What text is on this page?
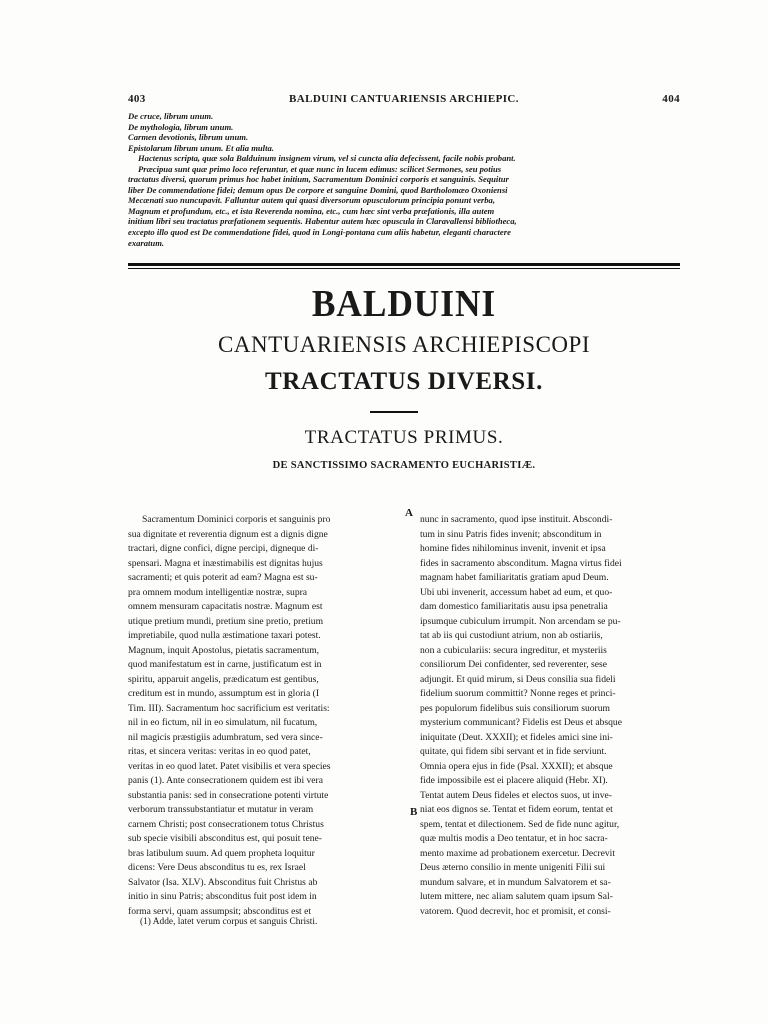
403	BALDUINI CANTUARIENSIS ARCHIEPIC.	404
De cruce, librum unum.
De mythologia, librum unum.
Carmen devotionis, librum unum.
Epistolarum librum unum. Et alia multa.
Hactenus scripta, quæ sola Balduinum insignem virum, vel si cuncta alia defecissent, facile nobis probant.
Præcipua sunt quæ primo loco referuntur, et quæ nunc in lucem edimus: scilicet Sermones, seu potius
tractatus diversi, quorum primus hoc habet initium, Sacramentum Dominici corporis et sanguinis. Sequitur
liber De commendatione fidei; demum opus De corpore et sanguine Domini, quod Bartholomæo Oxoniensi
Mecænati suo nuncupavit. Falluntur autem qui quasi diversorum opusculorum principia ponunt verba,
Magnum et profundum, etc., et ista Reverenda nomina, etc., cum hæc sint verba præfationis, illa autem
initium libri seu tractatus præfationem sequentis. Habentur autem hæc opuscula in Claravallensi bibliotheca,
excepto illo quod est De commendatione fidei, quod in Longi-pontana cum aliis habetur, eleganti charactere
exaratum.
BALDUINI
CANTUARIENSIS ARCHIEPISCOPI
TRACTATUS DIVERSI.
TRACTATUS PRIMUS.
DE SANCTISSIMO SACRAMENTO EUCHARISTIÆ.
A
B
Sacramentum Dominici corporis et sanguinis pro
sua dignitate et reverentia dignum est a dignis digne
tractari, digne confici, digne percipi, digneque di-
spensari. Magna et inæstimabilis est dignitas hujus
sacramenti; et quis poterit ad eam? Magna est su-
pra omnem modum intelligentiæ nostræ, supra
omnem mensuram capacitatis nostræ. Magnum est
utique pretium mundi, pretium sine pretio, pretium
impretiabile, quod nulla æstimatione taxari potest.
Magnum, inquit Apostolus, pietatis sacramentum,
quod manifestatum est in carne, justificatum est in
spiritu, apparuit angelis, prædicatum est gentibus,
creditum est in mundo, assumptum est in gloria (I
Tim. III). Sacramentum hoc sacrificium est veritatis:
nil in eo fictum, nil in eo simulatum, nil fucatum,
nil magicis præstigiis adumbratum, sed vera since-
ritas, et sincera veritas: veritas in eo quod patet,
veritas in eo quod latet. Patet visibilis et vera species
panis (1). Ante consecrationem quidem est ibi vera
substantia panis: sed in consecratione potenti virtute
verborum transsubstantiatur et mutatur in veram
carnem Christi; post consecrationem totus Christus
sub specie visibili absconditus est, qui posuit tene-
bras latibulum suum. Ad quem propheta loquitur
dicens: Vere Deus absconditus tu es, rex Israel
Salvator (Isa. XLV). Absconditus fuit Christus ab
initio in sinu Patris; absconditus fuit post idem in
forma servi, quam assumpsit; absconditus est et
nunc in sacramento, quod ipse instituit. Abscondi-
tum in sinu Patris fides invenit; absconditum in
homine fides nihilominus invenit, invenit et ipsa
fides in sacramento absconditum. Magna virtus fidei
magnam habet familiaritatis gratiam apud Deum.
Ubi ubi invenerit, accessum habet ad eum, et quo-
dam domestico familiaritatis ausu ipsa penetralia
ipsumque cubiculum irrumpit. Non arcendam se pu-
tat ab iis qui custodiunt atrium, non ab ostiariis,
non a cubiculariis: secura ingreditur, et mysteriis
consiliorum Dei confidenter, sed reverenter, sese
adjungit. Et quid mirum, si Deus consilia sua fideli
fidelium suorum committit? Nonne reges et princi-
pes populorum fidelibus suis consiliorum suorum
mysterium communicant? Fidelis est Deus et absque
iniquitate (Deut. XXXII); et fideles amici sine ini-
quitate, qui fidem sibi servant et in fide serviunt.
Omnia opera ejus in fide (Psal. XXXII); et absque
fide impossibile est ei placere aliquid (Hebr. XI).
Tentat autem Deus fideles et electos suos, ut inve-
niat eos dignos se. Tentat et fidem eorum, tentat et
spem, tentat et dilectionem. Sed de fide nunc agitur,
quæ multis modis a Deo tentatur, et in hoc sacra-
mento maxime ad probationem exercetur. Decrevit
Deus æterno consilio in mente unigeniti Filii sui
mundum salvare, et in mundum Salvatorem et sa-
lutem mittere, nec aliam salutem quam ipsum Sal-
vatorem. Quod decrevit, hoc et promisit, et consi-
(1) Adde, latet verum corpus et sanguis Christi.
